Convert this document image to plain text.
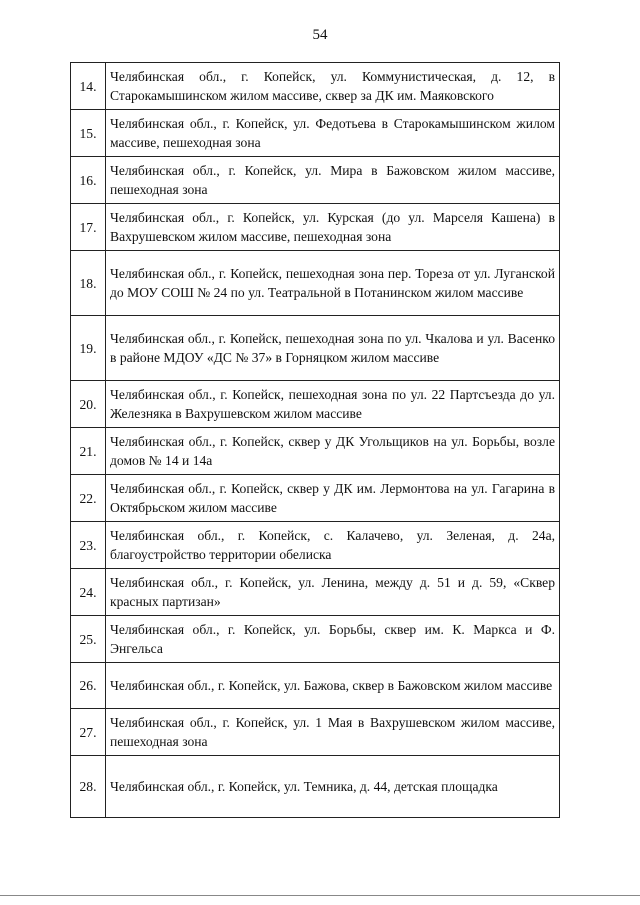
54
14.	Челябинская обл., г. Копейск, ул. Коммунистическая, д. 12, в Старокамышинском жилом массиве, сквер за ДК им. Маяковского
15.	Челябинская обл., г. Копейск, ул. Федотьева в Старокамышинском жилом массиве, пешеходная зона
16.	Челябинская обл., г. Копейск, ул. Мира в Бажовском жилом массиве, пешеходная зона
17.	Челябинская обл., г. Копейск, ул. Курская (до ул. Марселя Кашена) в Вахрушевском жилом массиве, пешеходная зона
18.	Челябинская обл., г. Копейск, пешеходная зона пер. Тореза от ул. Луганской до МОУ СОШ № 24 по ул. Театральной в Потанинском жилом массиве
19.	Челябинская обл., г. Копейск, пешеходная зона по ул. Чкалова и ул. Васенко в районе МДОУ «ДС № 37» в Горняцком жилом массиве
20.	Челябинская обл., г. Копейск, пешеходная зона по ул. 22 Партсъезда до ул. Железняка в Вахрушевском жилом массиве
21.	Челябинская обл., г. Копейск, сквер у ДК Угольщиков на ул. Борьбы, возле домов № 14 и 14а
22.	Челябинская обл., г. Копейск, сквер у ДК им. Лермонтова на ул. Гагарина в Октябрьском жилом массиве
23.	Челябинская обл., г. Копейск, с. Калачево, ул. Зеленая, д. 24а, благоустройство территории обелиска
24.	Челябинская обл., г. Копейск, ул. Ленина, между д. 51 и д. 59, «Сквер красных партизан»
25.	Челябинская обл., г. Копейск, ул. Борьбы, сквер им. К. Маркса и Ф. Энгельса
26.	Челябинская обл., г. Копейск, ул. Бажова, сквер в Бажовском жилом массиве
27.	Челябинская обл., г. Копейск, ул. 1 Мая в Вахрушевском жилом массиве, пешеходная зона
28.	Челябинская обл., г. Копейск, ул. Темника, д. 44, детская площадка
